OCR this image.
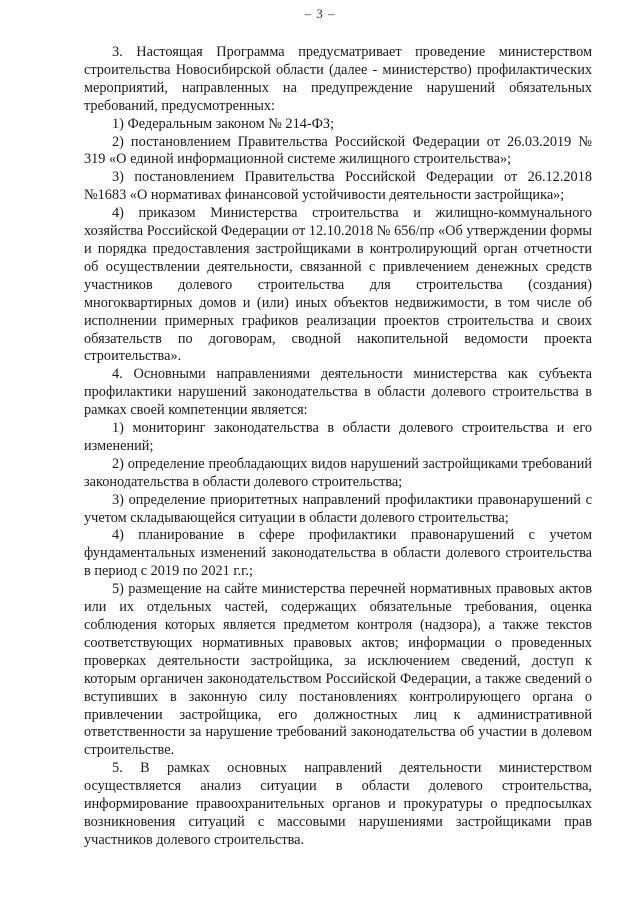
– 3 –

3. Настоящая Программа предусматривает проведение министерством строительства Новосибирской области (далее - министерство) профилактических мероприятий, направленных на предупреждение нарушений обязательных требований, предусмотренных:

1) Федеральным законом № 214-ФЗ;

2) постановлением Правительства Российской Федерации от 26.03.2019 № 319 «О единой информационной системе жилищного строительства»;

3) постановлением Правительства Российской Федерации от 26.12.2018 №1683 «О нормативах финансовой устойчивости деятельности застройщика»;

4) приказом Министерства строительства и жилищно-коммунального хозяйства Российской Федерации от 12.10.2018 № 656/пр «Об утверждении формы и порядка предоставления застройщиками в контролирующий орган отчетности об осуществлении деятельности, связанной с привлечением денежных средств участников долевого строительства для строительства (создания) многоквартирных домов и (или) иных объектов недвижимости, в том числе об исполнении примерных графиков реализации проектов строительства и своих обязательств по договорам, сводной накопительной ведомости проекта строительства».

4. Основными направлениями деятельности министерства как субъекта профилактики нарушений законодательства в области долевого строительства в рамках своей компетенции является:

1) мониторинг законодательства в области долевого строительства и его изменений;

2) определение преобладающих видов нарушений застройщиками требований законодательства в области долевого строительства;

3) определение приоритетных направлений профилактики правонарушений с учетом складывающейся ситуации в области долевого строительства;

4) планирование в сфере профилактики правонарушений с учетом фундаментальных изменений законодательства в области долевого строительства в период с 2019 по 2021 г.г.;

5) размещение на сайте министерства перечней нормативных правовых актов или их отдельных частей, содержащих обязательные требования, оценка соблюдения которых является предметом контроля (надзора), а также текстов соответствующих нормативных правовых актов; информации о проведенных проверках деятельности застройщика, за исключением сведений, доступ к которым органичен законодательством Российской Федерации, а также сведений о вступивших в законную силу постановлениях контролирующего органа о привлечении застройщика, его должностных лиц к административной ответственности за нарушение требований законодательства об участии в долевом строительстве.

5. В рамках основных направлений деятельности министерством осуществляется анализ ситуации в области долевого строительства, информирование правоохранительных органов и прокуратуры о предпосылках возникновения ситуаций с массовыми нарушениями застройщиками прав участников долевого строительства.
